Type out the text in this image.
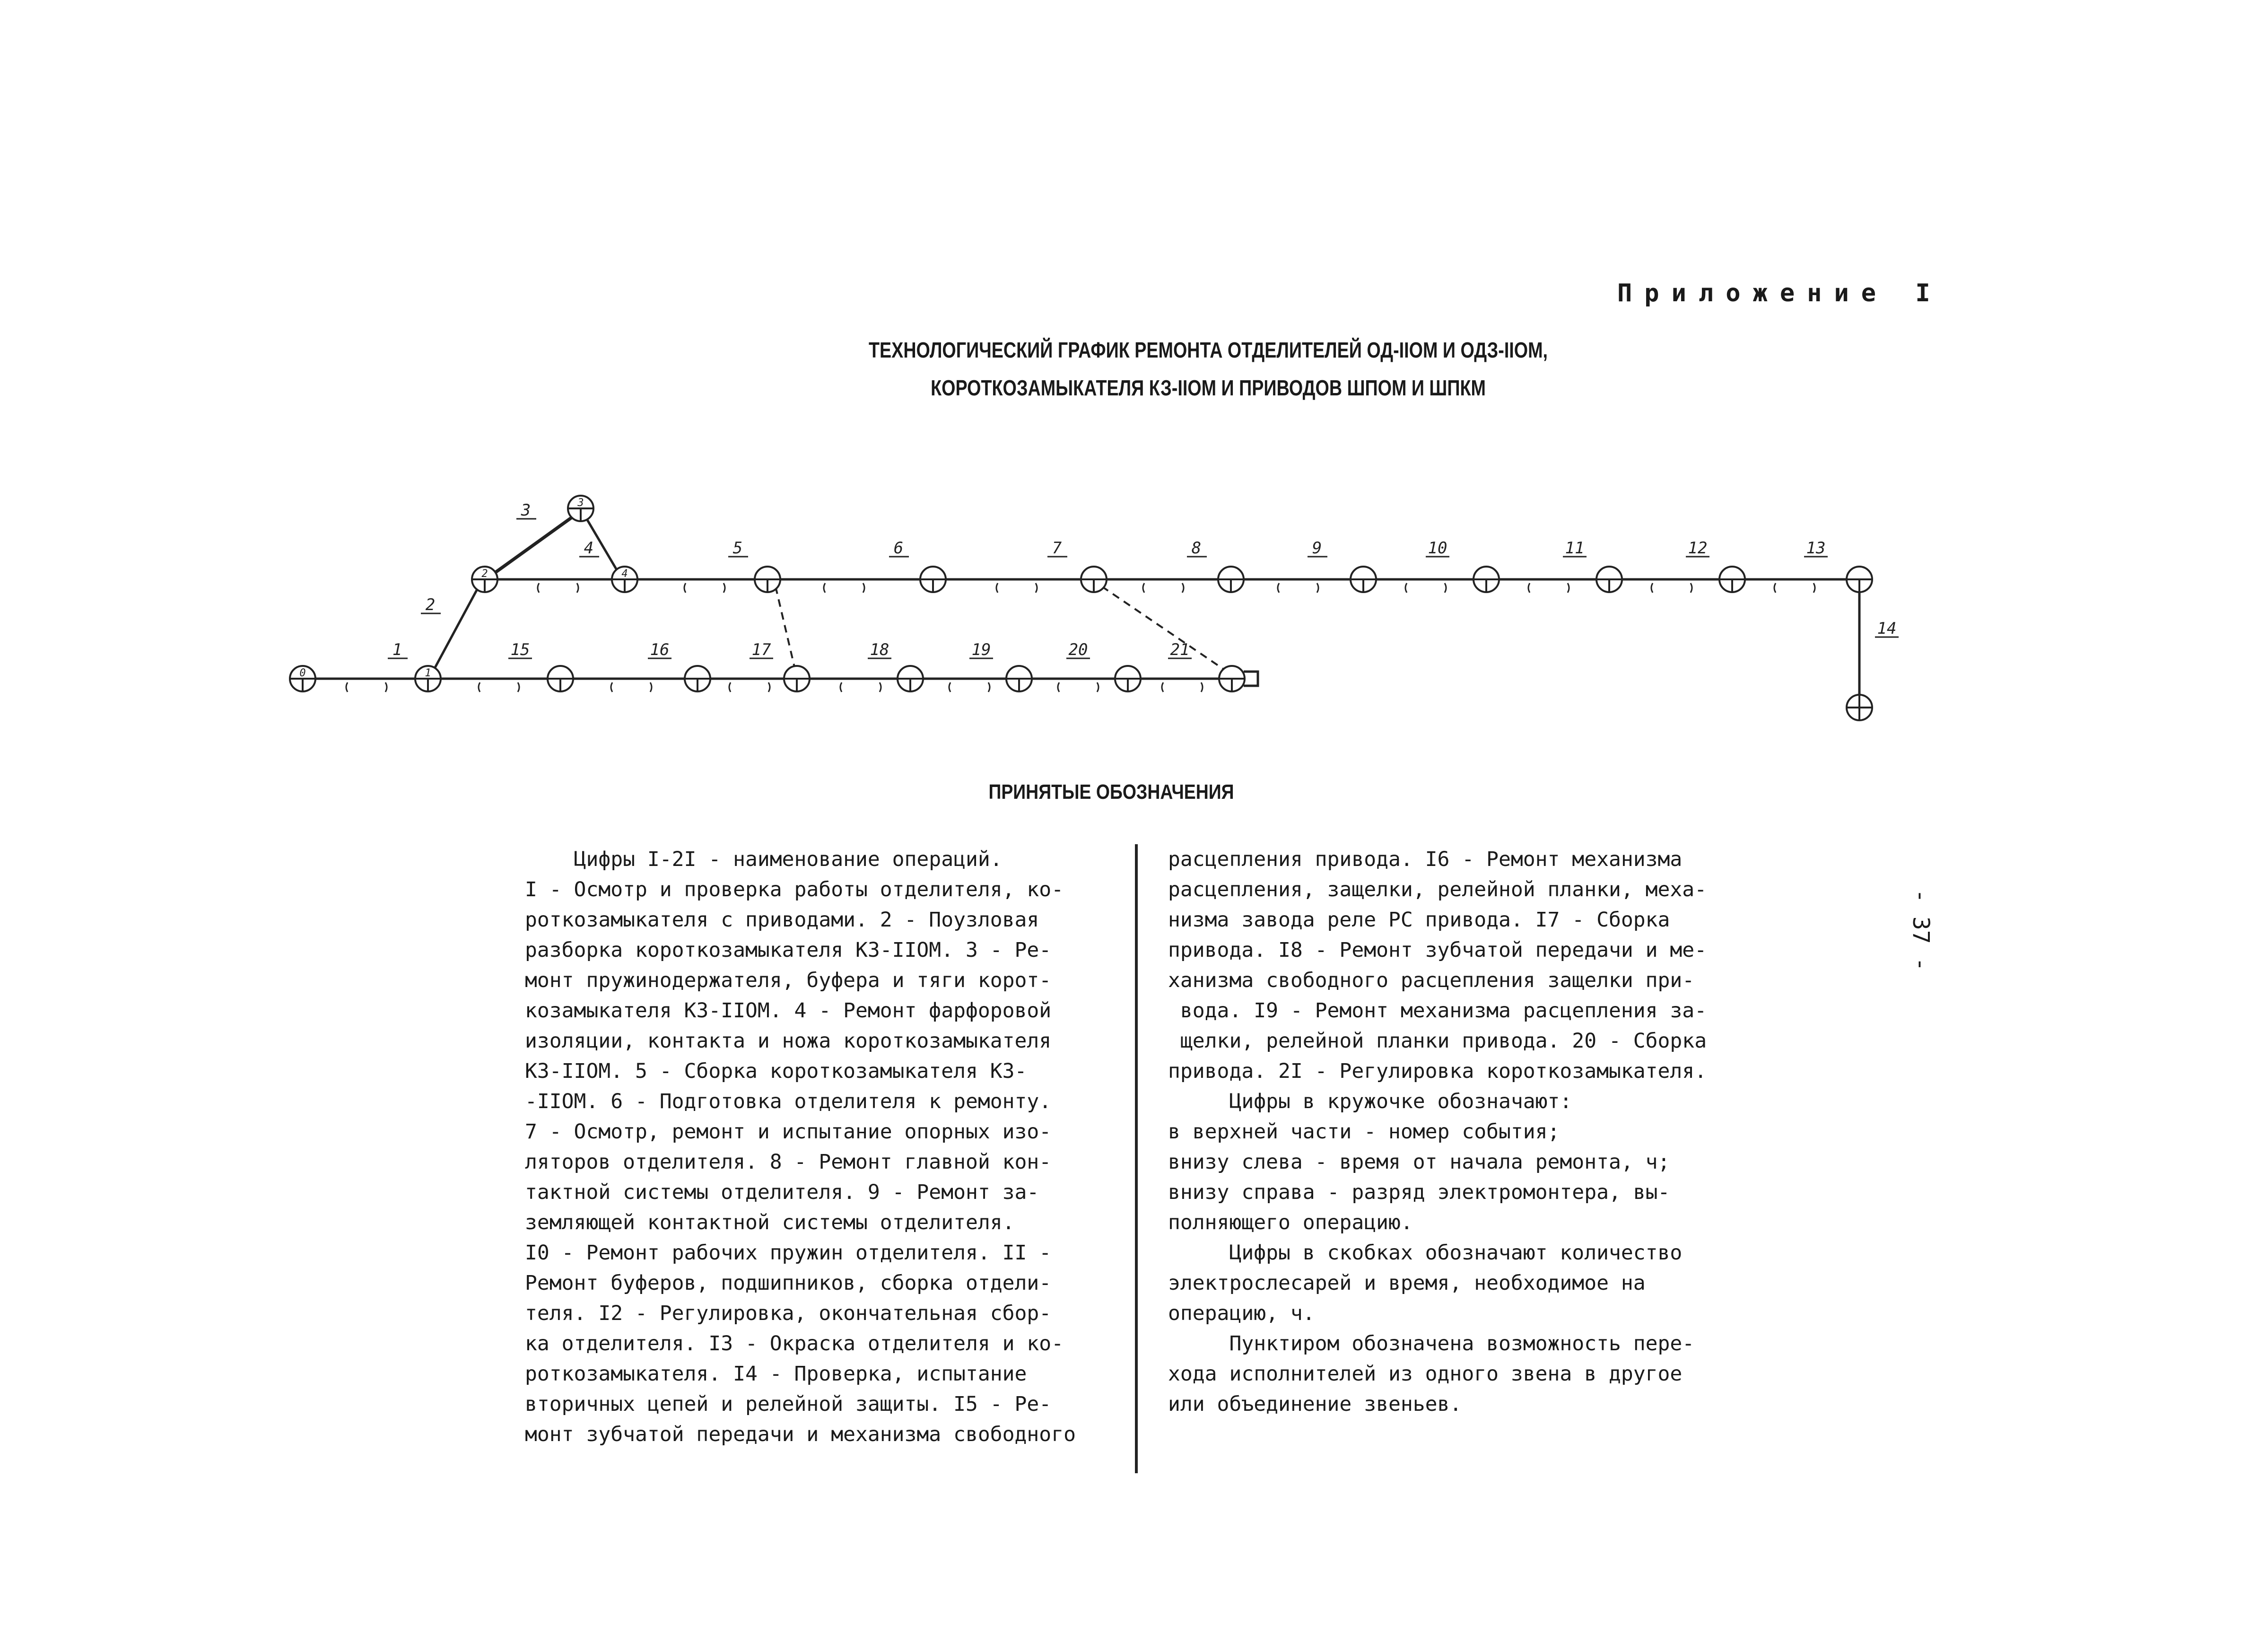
Приложение I
ТЕХНОЛОГИЧЕСКИЙ ГРАФИК РЕМОНТА ОТДЕЛИТЕЛЕЙ ОД-IIОМ И ОДЗ-IIОМ,
КОРОТКОЗАМЫКАТЕЛЯ КЗ-IIОМ И ПРИВОДОВ ШПОМ И ШПКМ
0	1
2
3
4
1
2
3
4	5	6	7	8	9	10	11	12	13
14
15	16	17	18	19	20	21
ПРИНЯТЫЕ ОБОЗНАЧЕНИЯ
Цифры I-2I - наименование операций.
I - Осмотр и проверка работы отделителя, ко-
роткозамыкателя с приводами. 2 - Поузловая
разборка короткозамыкателя КЗ-IIОМ. 3 - Ре-
монт пружинодержателя, буфера и тяги корот-
козамыкателя КЗ-IIОМ. 4 - Ремонт фарфоровой
изоляции, контакта и ножа короткозамыкателя
КЗ-IIОМ. 5 - Сборка короткозамыкателя КЗ-
-IIОМ. 6 - Подготовка отделителя к ремонту.
7 - Осмотр, ремонт и испытание опорных изо-
ляторов отделителя. 8 - Ремонт главной кон-
тактной системы отделителя. 9 - Ремонт за-
земляющей контактной системы отделителя.
I0 - Ремонт рабочих пружин отделителя. II -
Ремонт буферов, подшипников, сборка отдели-
теля. I2 - Регулировка, окончательная сбор-
ка отделителя. I3 - Окраска отделителя и ко-
роткозамыкателя. I4 - Проверка, испытание
вторичных цепей и релейной защиты. I5 - Ре-
монт зубчатой передачи и механизма свободного
расцепления привода. I6 - Ремонт механизма
расцепления, защелки, релейной планки, меха-
низма завода реле РС привода. I7 - Сборка
привода. I8 - Ремонт зубчатой передачи и ме-
ханизма свободного расцепления защелки при-
вода. I9 - Ремонт механизма расцепления за-
щелки, релейной планки привода. 20 - Сборка
привода. 2I - Регулировка короткозамыкателя.
Цифры в кружочке обозначают:
в верхней части - номер события;
внизу слева - время от начала ремонта, ч;
внизу справа - разряд электромонтера, вы-
полняющего операцию.
Цифры в скобках обозначают количество
электрослесарей и время, необходимое на
операцию, ч.
Пунктиром обозначена возможность пере-
хода исполнителей из одного звена в другое
или объединение звеньев.
- 37 -
